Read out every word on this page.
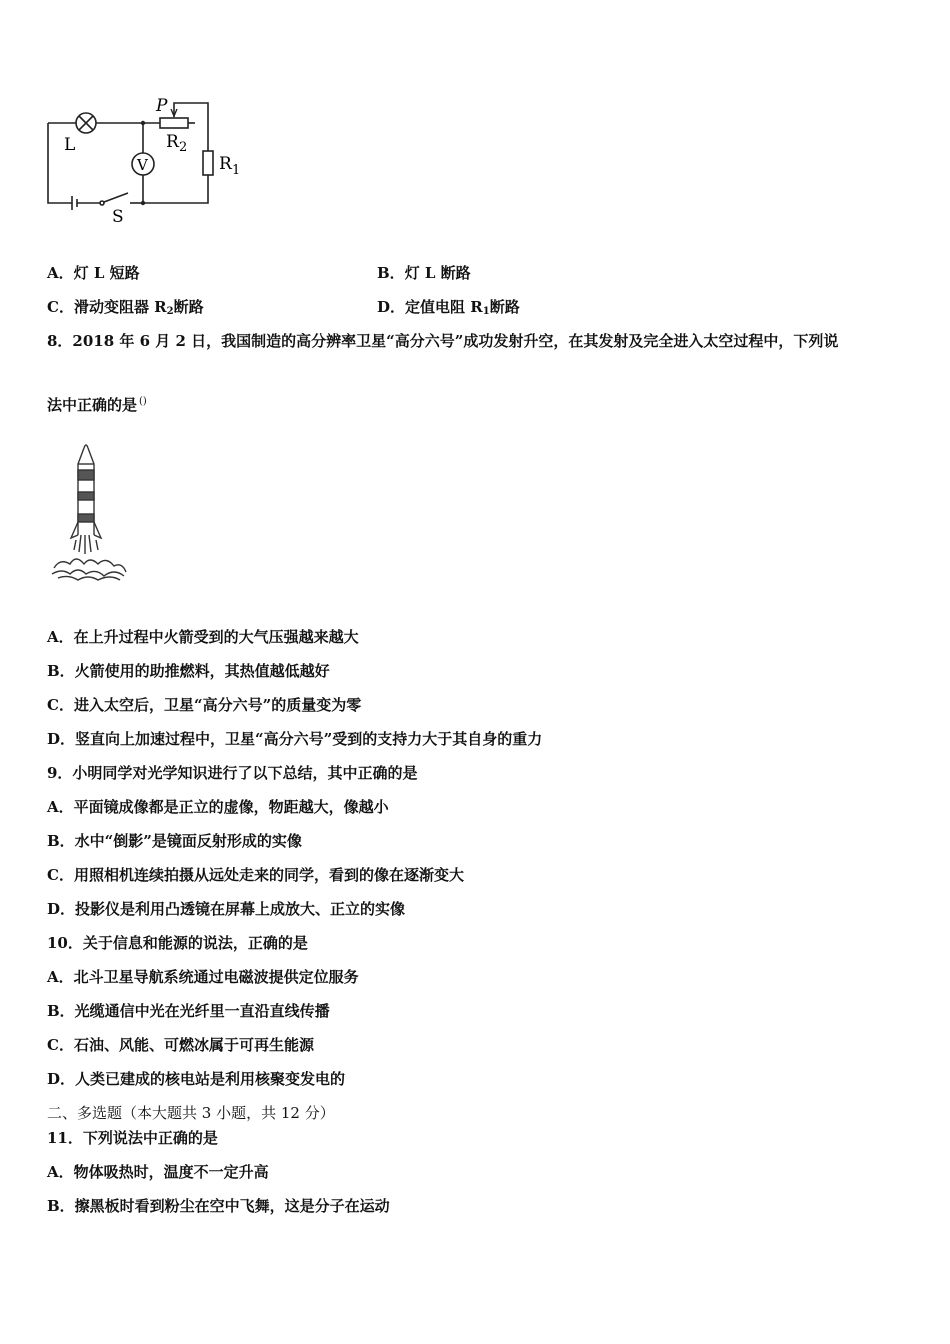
L
P
R 2
R 1
V
S
A．灯 L 短路	B．灯 L 断路
C．滑动变阻器 $R_2$断路	D．定值电阻 $R_1$断路
8．2018 年 6 月 2 日，我国制造的高分辨率卫星“高分六号”成功发射升空，在其发射及完全进入太空过程中，下列说
法中正确的是 ()
A．在上升过程中火箭受到的大气压强越来越大
B．火箭使用的助推燃料，其热值越低越好
C．进入太空后，卫星“高分六号”的质量变为零
D．竖直向上加速过程中，卫星“高分六号”受到的支持力大于其自身的重力
9．小明同学对光学知识进行了以下总结，其中正确的是
A．平面镜成像都是正立的虚像，物距越大，像越小
B．水中“倒影”是镜面反射形成的实像
C．用照相机连续拍摄从远处走来的同学，看到的像在逐渐变大
D．投影仪是利用凸透镜在屏幕上成放大、正立的实像
10．关于信息和能源的说法，正确的是
A．北斗卫星导航系统通过电磁波提供定位服务
B．光缆通信中光在光纤里一直沿直线传播
C．石油、风能、可燃冰属于可再生能源
D．人类已建成的核电站是利用核聚变发电的
二、多选题（本大题共 3 小题，共 12 分）
11．下列说法中正确的是
A．物体吸热时，温度不一定升高
B．擦黑板时看到粉尘在空中飞舞，这是分子在运动
